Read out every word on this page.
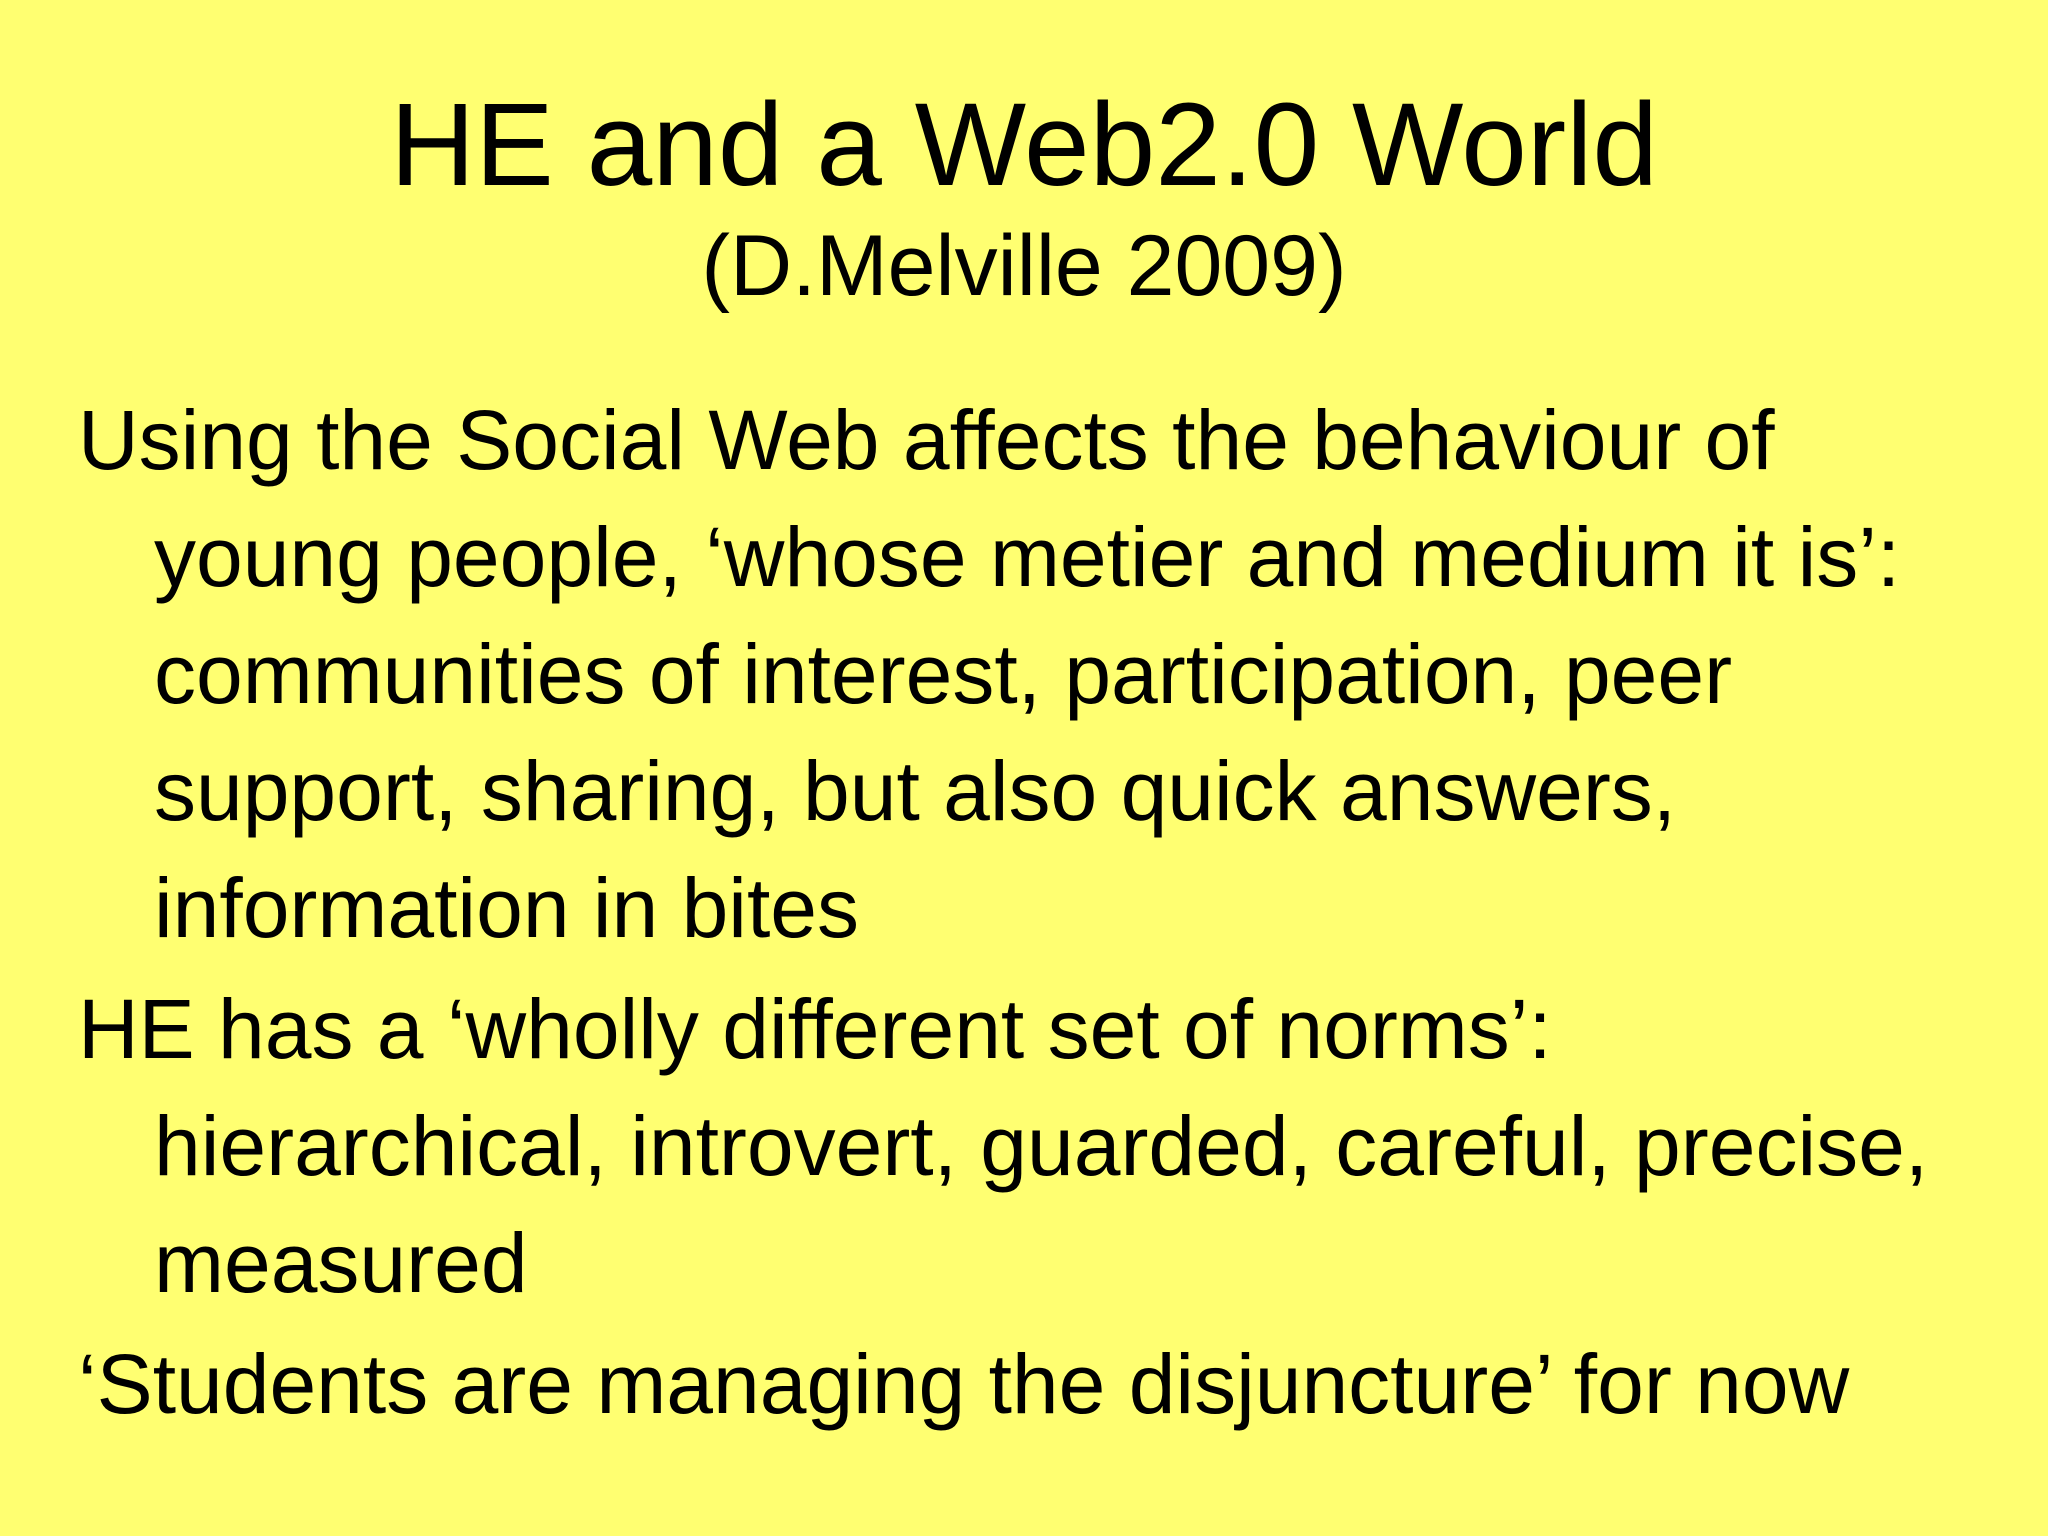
HE and a Web2.0 World
(D.Melville 2009)
Using the Social Web affects the behaviour of young people, ‘whose metier and medium it is’: communities of interest, participation, peer support, sharing, but also quick answers, information in bites
HE has a ‘wholly different set of norms’: hierarchical, introvert, guarded, careful, precise, measured
‘Students are managing the disjuncture’ for now
